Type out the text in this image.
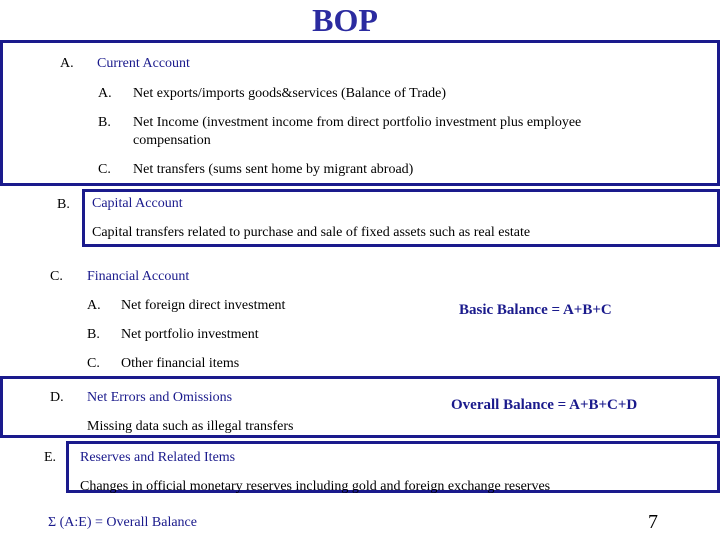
BOP
A. Current Account
A. Net exports/imports goods&services (Balance of Trade)
B. Net Income (investment income from direct portfolio investment plus employee
compensation
C. Net transfers (sums sent home by migrant abroad)
B. Capital Account
Capital transfers related to purchase and sale of fixed assets such as real estate
C. Financial Account
A. Net foreign direct investment
B. Net portfolio investment
C. Other financial items
Basic Balance = A+B+C
D. Net Errors and Omissions
Missing data such as illegal transfers
Overall Balance = A+B+C+D
E. Reserves and Related Items
Changes in official monetary reserves including gold and foreign exchange reserves
Σ (A:E) = Overall Balance	7
